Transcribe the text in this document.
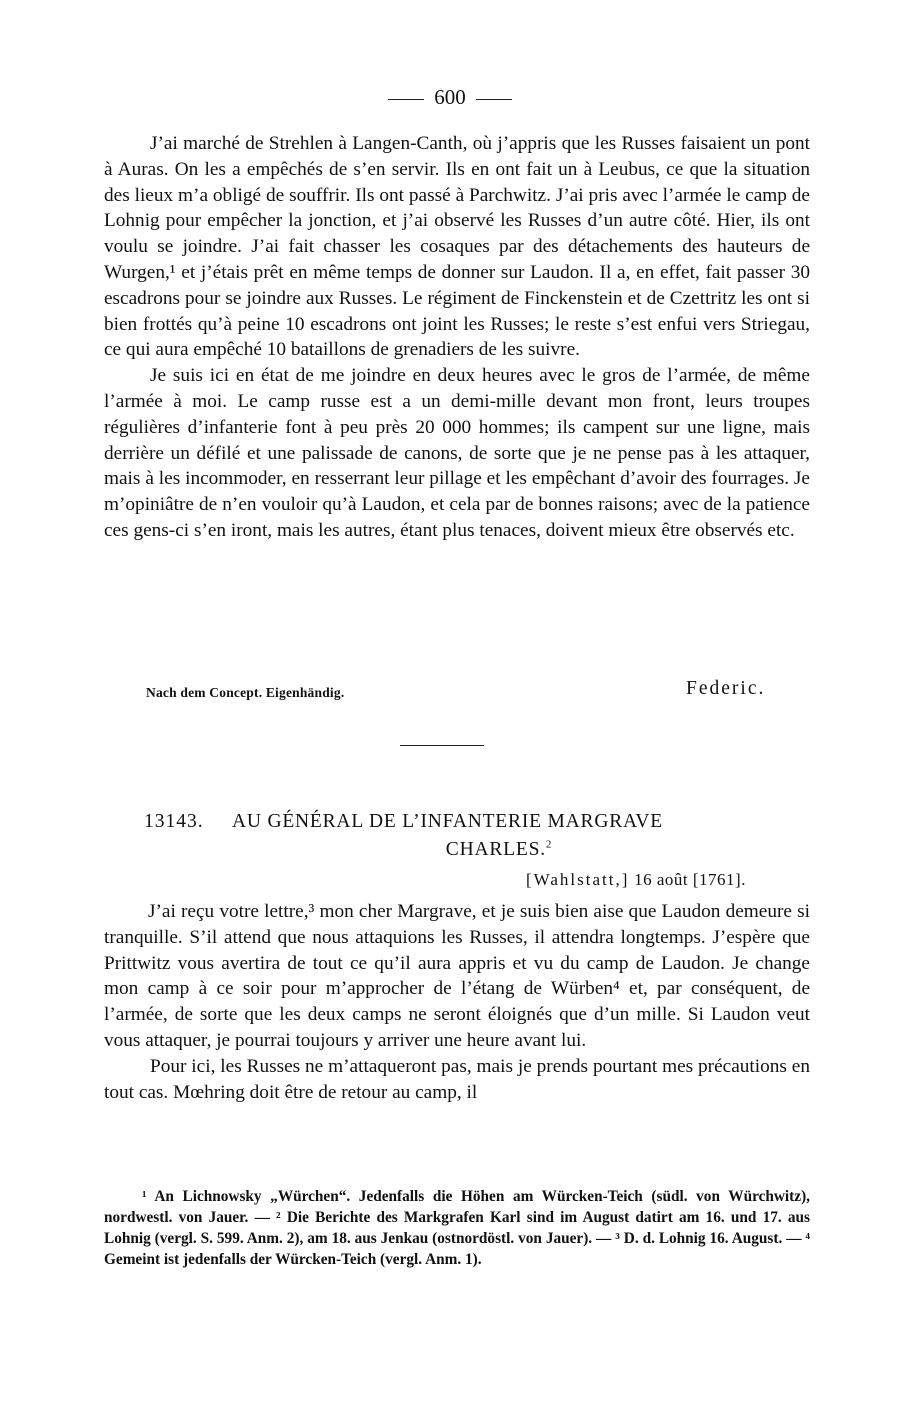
600

J’ai marché de Strehlen à Langen-Canth, où j’appris que les Russes faisaient un pont à Auras. On les a empêchés de s’en servir. Ils en ont fait un à Leubus, ce que la situation des lieux m’a obligé de souffrir. Ils ont passé à Parchwitz. J’ai pris avec l’armée le camp de Lohnig pour empêcher la jonction, et j’ai observé les Russes d’un autre côté. Hier, ils ont voulu se joindre. J’ai fait chasser les cosaques par des détachements des hauteurs de Wurgen,¹ et j’étais prêt en même temps de donner sur Laudon. Il a, en effet, fait passer 30 escadrons pour se joindre aux Russes. Le régiment de Finckenstein et de Czettritz les ont si bien frottés qu’à peine 10 escadrons ont joint les Russes; le reste s’est enfui vers Striegau, ce qui aura empêché 10 bataillons de grenadiers de les suivre.

Je suis ici en état de me joindre en deux heures avec le gros de l’armée, de même l’armée à moi. Le camp russe est a un demi-mille devant mon front, leurs troupes régulières d’infanterie font à peu près 20 000 hommes; ils campent sur une ligne, mais derrière un défilé et une palissade de canons, de sorte que je ne pense pas à les attaquer, mais à les incommoder, en resserrant leur pillage et les empêchant d’avoir des fourrages. Je m’opiniâtre de n’en vouloir qu’à Laudon, et cela par de bonnes raisons; avec de la patience ces gens-ci s’en iront, mais les autres, étant plus tenaces, doivent mieux être observés etc.

Nach dem Concept. Eigenhändig.	Federic.
13143. AU GÉNÉRAL DE L’INFANTERIE MARGRAVE
CHARLES.$^2$
[Wahlstatt,] 16 août [1761].

J’ai reçu votre lettre,³ mon cher Margrave, et je suis bien aise que Laudon demeure si tranquille. S’il attend que nous attaquions les Russes, il attendra longtemps. J’espère que Prittwitz vous avertira de tout ce qu’il aura appris et vu du camp de Laudon. Je change mon camp à ce soir pour m’approcher de l’étang de Würben⁴ et, par conséquent, de l’armée, de sorte que les deux camps ne seront éloignés que d’un mille. Si Laudon veut vous attaquer, je pourrai toujours y arriver une heure avant lui.

Pour ici, les Russes ne m’attaqueront pas, mais je prends pourtant mes précautions en tout cas. Mœhring doit être de retour au camp, il

¹ An Lichnowsky „Würchen“. Jedenfalls die Höhen am Würcken-Teich (südl. von Würchwitz), nordwestl. von Jauer. — ² Die Berichte des Markgrafen Karl sind im August datirt am 16. und 17. aus Lohnig (vergl. S. 599. Anm. 2), am 18. aus Jenkau (ostnordöstl. von Jauer). — ³ D. d. Lohnig 16. August. — ⁴ Gemeint ist jedenfalls der Würcken-Teich (vergl. Anm. 1).
